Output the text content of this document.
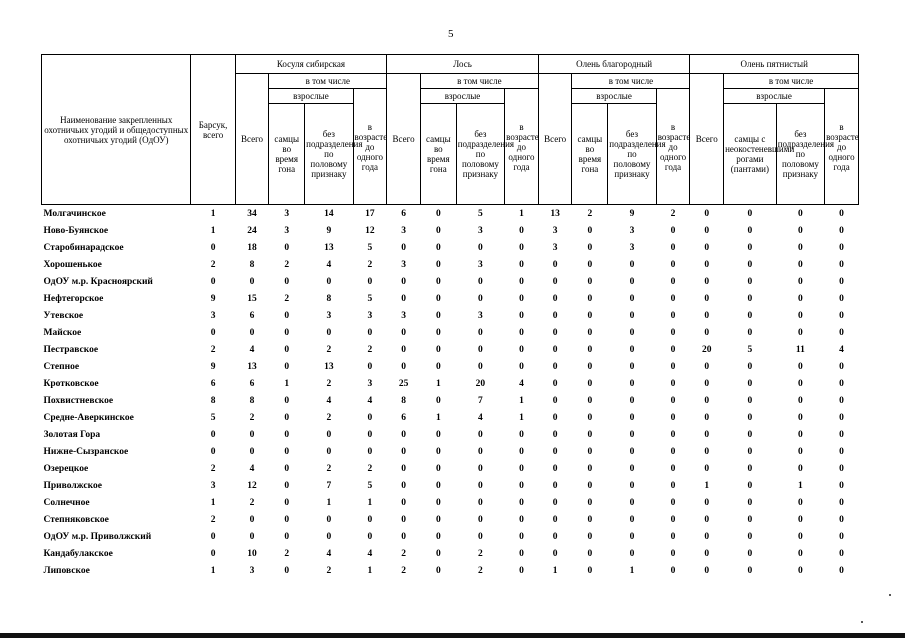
5
Наименование закрепленных охотничьих угодий и общедоступных охотничьих угодий (ОдОУ)	Барсук, всего	Косуля сибирская				Лось				Олень благородный				Олень пятнистый			
		Всего	в том числе			Всего	в том числе			Всего	в том числе			Всего	в том числе		
			взрослые		в возрасте до одного года		взрослые		в возрасте до одного года		взрослые		в возрасте до одного года		взрослые		в возрасте до одного года
			самцы во время гона	без подразделения по половому признаку			самцы во время гона	без подразделения по половому признаку			самцы во время гона	без подразделения по половому признаку			самцы с неокостеневшими рогами (пантами)	без подразделения по половому признаку	
Молгачинское	1	34	3	14	17	6	0	5	1	13	2	9	2	0	0	0	0
Ново-Буянское	1	24	3	9	12	3	0	3	0	3	0	3	0	0	0	0	0
Старобинарадское	0	18	0	13	5	0	0	0	0	3	0	3	0	0	0	0	0
Хорошенькое	2	8	2	4	2	3	0	3	0	0	0	0	0	0	0	0	0
ОдОУ м.р. Красноярский	0	0	0	0	0	0	0	0	0	0	0	0	0	0	0	0	0
Нефтегорское	9	15	2	8	5	0	0	0	0	0	0	0	0	0	0	0	0
Утевское	3	6	0	3	3	3	0	3	0	0	0	0	0	0	0	0	0
Майское	0	0	0	0	0	0	0	0	0	0	0	0	0	0	0	0	0
Пестравское	2	4	0	2	2	0	0	0	0	0	0	0	0	20	5	11	4
Степное	9	13	0	13	0	0	0	0	0	0	0	0	0	0	0	0	0
Кротковское	6	6	1	2	3	25	1	20	4	0	0	0	0	0	0	0	0
Похвистневское	8	8	0	4	4	8	0	7	1	0	0	0	0	0	0	0	0
Средне-Аверкинское	5	2	0	2	0	6	1	4	1	0	0	0	0	0	0	0	0
Золотая Гора	0	0	0	0	0	0	0	0	0	0	0	0	0	0	0	0	0
Нижне-Сызранское	0	0	0	0	0	0	0	0	0	0	0	0	0	0	0	0	0
Озерецкое	2	4	0	2	2	0	0	0	0	0	0	0	0	0	0	0	0
Приволжское	3	12	0	7	5	0	0	0	0	0	0	0	0	1	0	1	0
Солнечное	1	2	0	1	1	0	0	0	0	0	0	0	0	0	0	0	0
Степняковское	2	0	0	0	0	0	0	0	0	0	0	0	0	0	0	0	0
ОдОУ м.р. Приволжский	0	0	0	0	0	0	0	0	0	0	0	0	0	0	0	0	0
Кандабулакское	0	10	2	4	4	2	0	2	0	0	0	0	0	0	0	0	0
Липовское	1	3	0	2	1	2	0	2	0	1	0	1	0	0	0	0	0
